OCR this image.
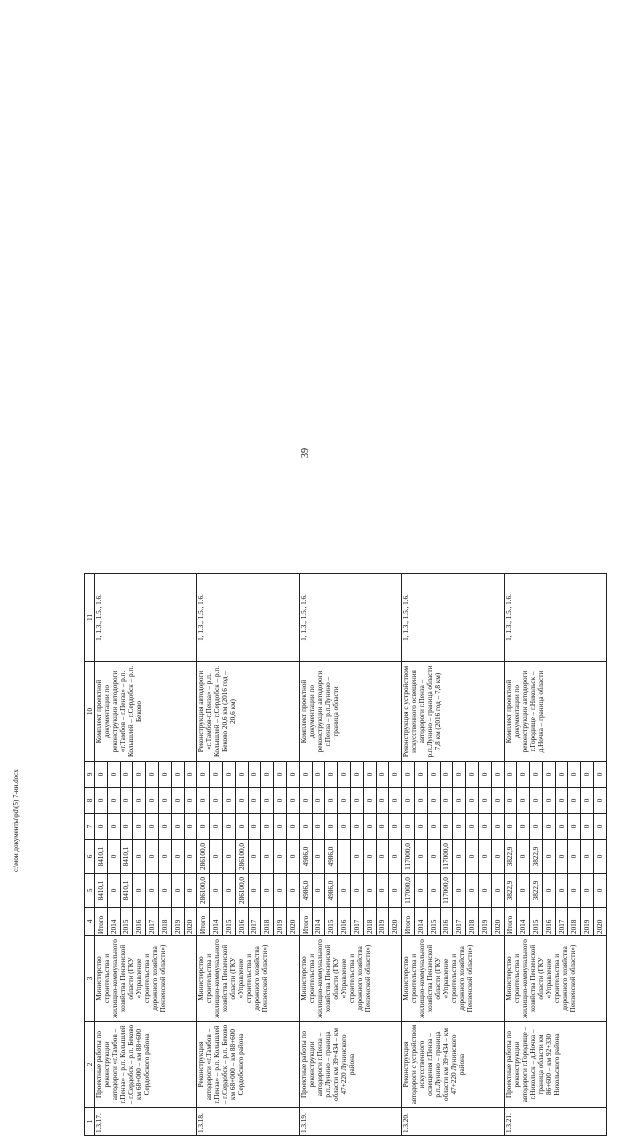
39
1	2	3	4	5	6	7	8	9	10	11
1.3.17.	Проектные работы по реконструкции автодороги «г.Тамбов – г.Пенза» – р.п. Колышлей – г.Сердобск – р.п. Беково км 68+000 – км 88+600 Сердобского района	Министерство строительства и жилищно-коммунального хозяйства Пензенской области (ГКУ «Управление строительства и дорожного хозяйства Пензенской области»)	Итого	8410,1	8410,1	0	0	0	Комплект проектной документации по реконструкции автодороги «г.Тамбов – г.Пенза» – р.п. Колышлей – г.Сердобск – р.п. Беково	1, 1.3., 1.5., 1.6.
			2014	0	0	0	0	0		
			2015	8410,1	8410,1	0	0	0		
			2016	0	0	0	0	0		
			2017	0	0	0	0	0		
			2018	0	0	0	0	0		
			2019	0	0	0	0	0		
			2020	0	0	0	0	0		
1.3.18.	Реконструкция автодороги «г.Тамбов – г.Пенза» – р.п. Колышлей – г.Сердобск – р.п. Беково км 68+000 – км 88+600 Сердобского района	Министерство строительства и жилищно-коммунального хозяйства Пензенской области (ГКУ «Управление строительства и дорожного хозяйства Пензенской области»)	Итого	286100,0	286100,0	0	0	0	Реконструкция автодороги «г.Тамбов-г.Пенза» – р.п. Колышлей – г.Сердобск – р.п. Беково 20,6 км (2016 год – 20,6 км)	1, 1.3., 1.5., 1.6.
			2014	0	0	0	0	0		
			2015	0	0	0	0	0		
			2016	286100,0	286100,0	0	0	0		
			2017	0	0	0	0	0		
			2018	0	0	0	0	0		
			2019	0	0	0	0	0		
			2020	0	0	0	0	0		
1.3.19.	Проектные работы по реконструкции автодороги г.Пенза – р.п.Лунино – граница области км 39+434 – км 47+220 Лунинского района	Министерство строительства и жилищно-коммунального хозяйства Пензенской области (ГКУ «Управление строительства и дорожного хозяйства Пензенской области»)	Итого	4986,0	4986,0	0	0	0	Комплект проектной документации по реконструкции автодороги г.Пенза – р.п.Лунино – граница области	1, 1.3., 1.5., 1.6.
			2014	0	0	0	0	0		
			2015	4986,0	4986,0	0	0	0		
			2016	0		0	0	0		
			2017	0	0	0	0	0		
			2018	0	0	0	0	0		
			2019	0	0	0	0	0		
			2020	0	0	0	0	0		
1.3.20.	Реконструкция автодороги с устройством искусственного освещения г.Пенза – р.п.Лунино – граница области км 39+434 – км 47+220 Лунинского района	Министерство строительства и жилищно-коммунального хозяйства Пензенской области (ГКУ «Управление строительства и дорожного хозяйства Пензенской области»)	Итого	117000,0	117000,0	0	0	0	Реконструкция с устройством искусственного освещения автодороги г.Пенза – р.п.Лунино – граница области 7,8 км (2016 год – 7,8 км)	1, 1.3., 1.5., 1.6.
			2014	0	0	0	0	0		
			2015	0	0	0	0	0		
			2016	117000,0	117000,0	0	0	0		
			2017	0	0	0	0	0		
			2018	0	0	0	0	0		
			2019	0	0	0	0	0		
			2020	0	0	0	0	0		
1.3.21.	Проектные работы по реконструкции автодороги г.Городище – г.Никольск – д.Ночка – граница области км 86+600 – км 92+330 Никольского района	Министерство строительства и жилищно-коммунального хозяйства Пензенской области (ГКУ «Управление строительства и дорожного хозяйства Пензенской области»)	Итого	3822,9	3822,9	0	0	0	Комплект проектной документации по реконструкции автодороги г.Городище – г.Никольск – д.Ночка – граница области	1, 1.3., 1.5., 1.6.
			2014	0	0	0	0	0		
			2015	3822,9	3822,9	0	0	0		
			2016	0	0	0	0	0		
			2017	0	0	0	0	0		
			2018	0	0	0	0	0		
			2019	0	0	0	0	0		
			2020	0	0	0	0	0		
c:\мои документы\pd\(5) 7-ии.docx
